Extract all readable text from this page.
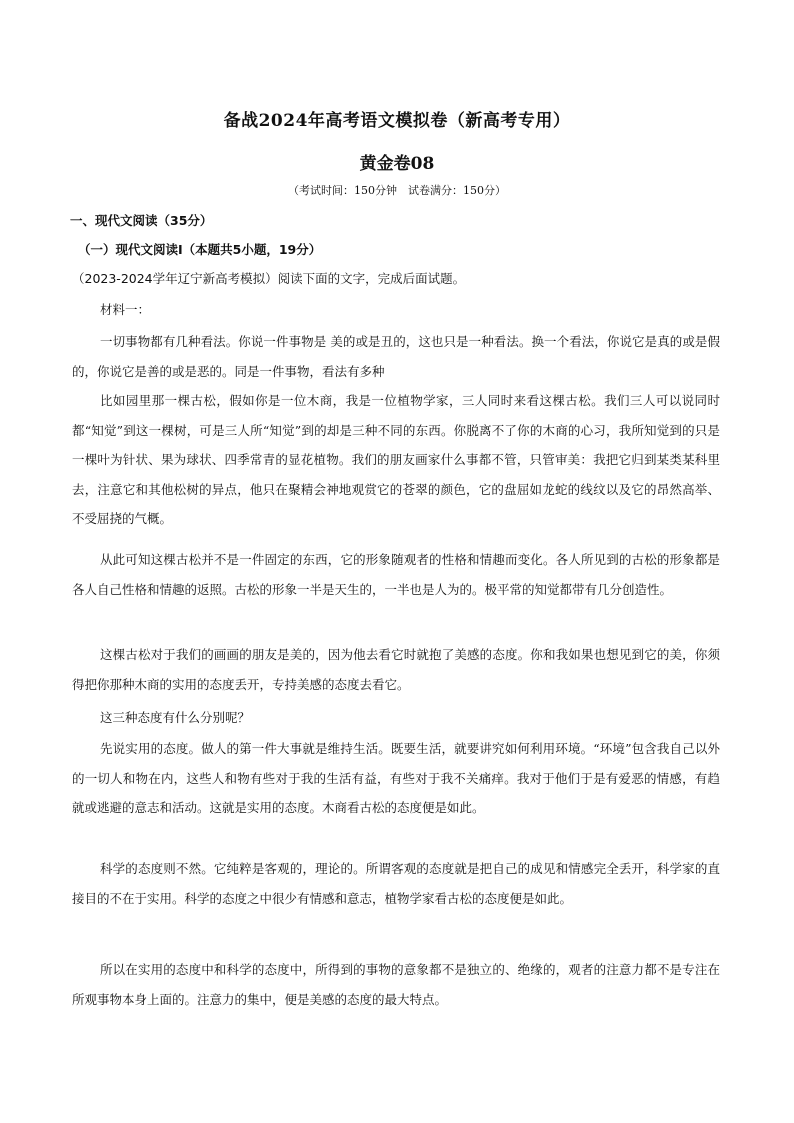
备战2024年高考语文模拟卷（新高考专用）
黄金卷08
（考试时间：150分钟　试卷满分：150分）
一、现代文阅读（35分）
（一）现代文阅读Ⅰ（本题共5小题，19分）
（2023-2024学年辽宁新高考模拟）阅读下面的文字，完成后面试题。
材料一：

一切事物都有几种看法。你说一件事物是 美的或是丑的，这也只是一种看法。换一个看法，你说它是真的或是假的，你说它是善的或是恶的。同是一件事物，看法有多种

比如园里那一棵古松，假如你是一位木商，我是一位植物学家，三人同时来看这棵古松。我们三人可以说同时都“知觉”到这一棵树，可是三人所“知觉”到的却是三种不同的东西。你脱离不了你的木商的心习，我所知觉到的只是一棵叶为针状、果为球状、四季常青的显花植物。我们的朋友画家什么事都不管，只管审美：我把它归到某类某科里去，注意它和其他松树的异点，他只在聚精会神地观赏它的苍翠的颜色，它的盘屈如龙蛇的线纹以及它的昂然高举、不受屈挠的气概。

从此可知这棵古松并不是一件固定的东西，它的形象随观者的性格和情趣而变化。各人所见到的古松的形象都是各人自己性格和情趣的返照。古松的形象一半是天生的，一半也是人为的。极平常的知觉都带有几分创造性。

这棵古松对于我们的画画的朋友是美的，因为他去看它时就抱了美感的态度。你和我如果也想见到它的美，你须得把你那种木商的实用的态度丢开，专持美感的态度去看它。

这三种态度有什么分别呢？

先说实用的态度。做人的第一件大事就是维持生活。既要生活，就要讲究如何利用环境。“环境”包含我自己以外的一切人和物在内，这些人和物有些对于我的生活有益，有些对于我不关痛痒。我对于他们于是有爱恶的情感，有趋就或逃避的意志和活动。这就是实用的态度。木商看古松的态度便是如此。

科学的态度则不然。它纯粹是客观的，理论的。所谓客观的态度就是把自己的成见和情感完全丢开，科学家的直接目的不在于实用。科学的态度之中很少有情感和意志，植物学家看古松的态度便是如此。

所以在实用的态度中和科学的态度中，所得到的事物的意象都不是独立的、绝缘的，观者的注意力都不是专注在所观事物本身上面的。注意力的集中，便是美感的态度的最大特点。
